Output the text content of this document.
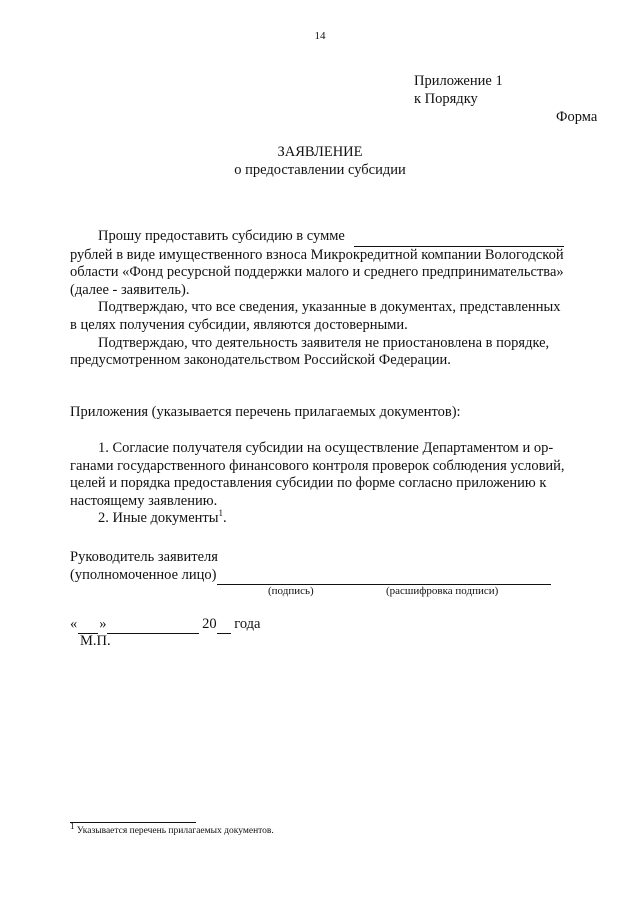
14
Приложение 1
к Порядку
Форма
ЗАЯВЛЕНИЕ
о предоставлении субсидии
Прошу предоставить субсидию в сумме
рублей в виде имущественного взноса Микрокредитной компании Вологодской
области «Фонд ресурсной поддержки малого и среднего предпринимательства»
(далее - заявитель).
Подтверждаю, что все сведения, указанные в документах, представленных
в целях получения субсидии, являются достоверными.
Подтверждаю, что деятельность заявителя не приостановлена в порядке,
предусмотренном законодательством Российской Федерации.
Приложения (указывается перечень прилагаемых документов):
1. Согласие получателя субсидии на осуществление Департаментом и ор-
ганами государственного финансового контроля проверок соблюдения условий,
целей и порядка предоставления субсидии по форме согласно приложению к
настоящему заявлению.
2. Иные документы$^1$.
Руководитель заявителя
(уполномоченное лицо)
(подпись)	(расшифровка подписи)
« »	20 года
М.П.
$^1$ Указывается перечень прилагаемых документов.
